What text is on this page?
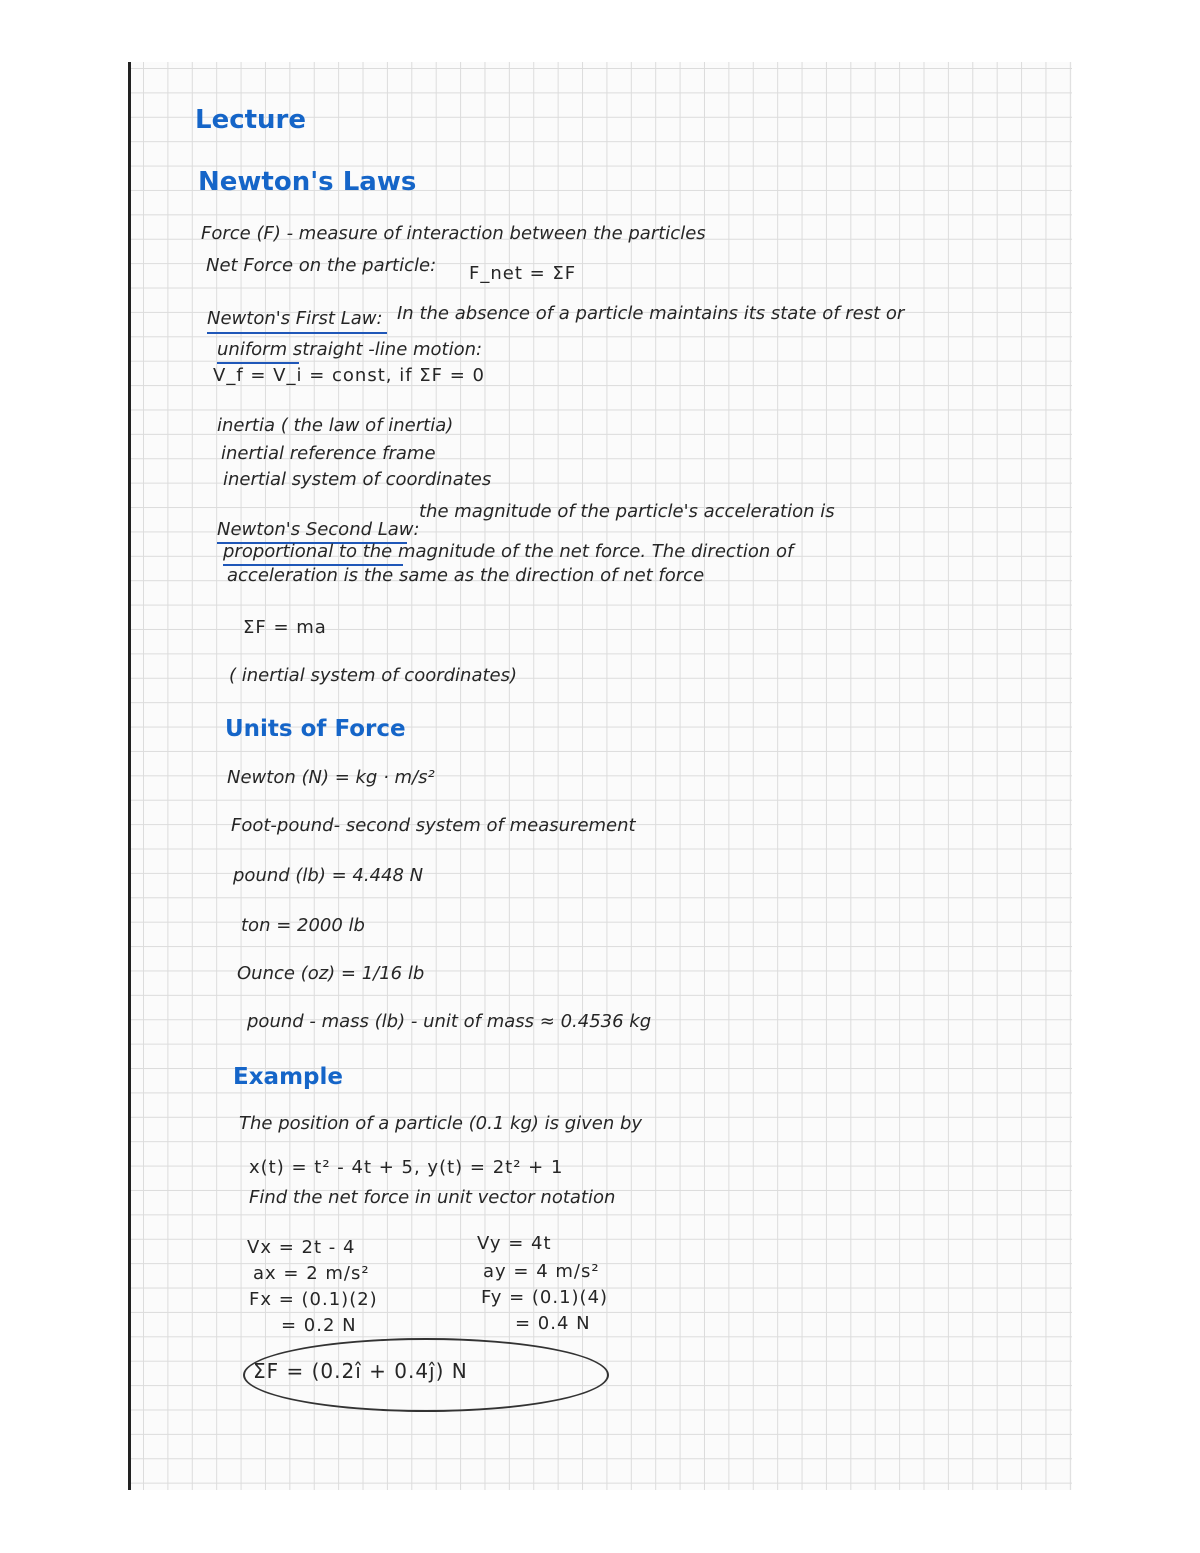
Lecture
Newton's Laws
Force (F) - measure of interaction between the particles
Net Force on the particle: F_net = ΣF
Newton's First Law: In the absence of a particle maintains its state of rest or
uniform straight -line motion:
V_f = V_i = const, if ΣF = 0
inertia ( the law of inertia)
inertial reference frame
inertial system of coordinates
Newton's Second Law:
the magnitude of the particle's acceleration is
proportional to the magnitude of the net force. The direction of
acceleration is the same as the direction of net force
ΣF = ma
( inertial system of coordinates)
Units of Force
Newton (N) = kg · m/s²
Foot-pound- second system of measurement
pound (lb) = 4.448 N
ton = 2000 lb
Ounce (oz) = 1/16 lb
pound - mass (lb) - unit of mass ≈ 0.4536 kg
Example
The position of a particle (0.1 kg) is given by
x(t) = t² - 4t + 5, y(t) = 2t² + 1
Find the net force in unit vector notation
Vx = 2t - 4
ax = 2 m/s²
Fx = (0.1)(2)
= 0.2 N
Vy = 4t
ay = 4 m/s²
Fy = (0.1)(4)
= 0.4 N
ΣF = (0.2î + 0.4ĵ) N
